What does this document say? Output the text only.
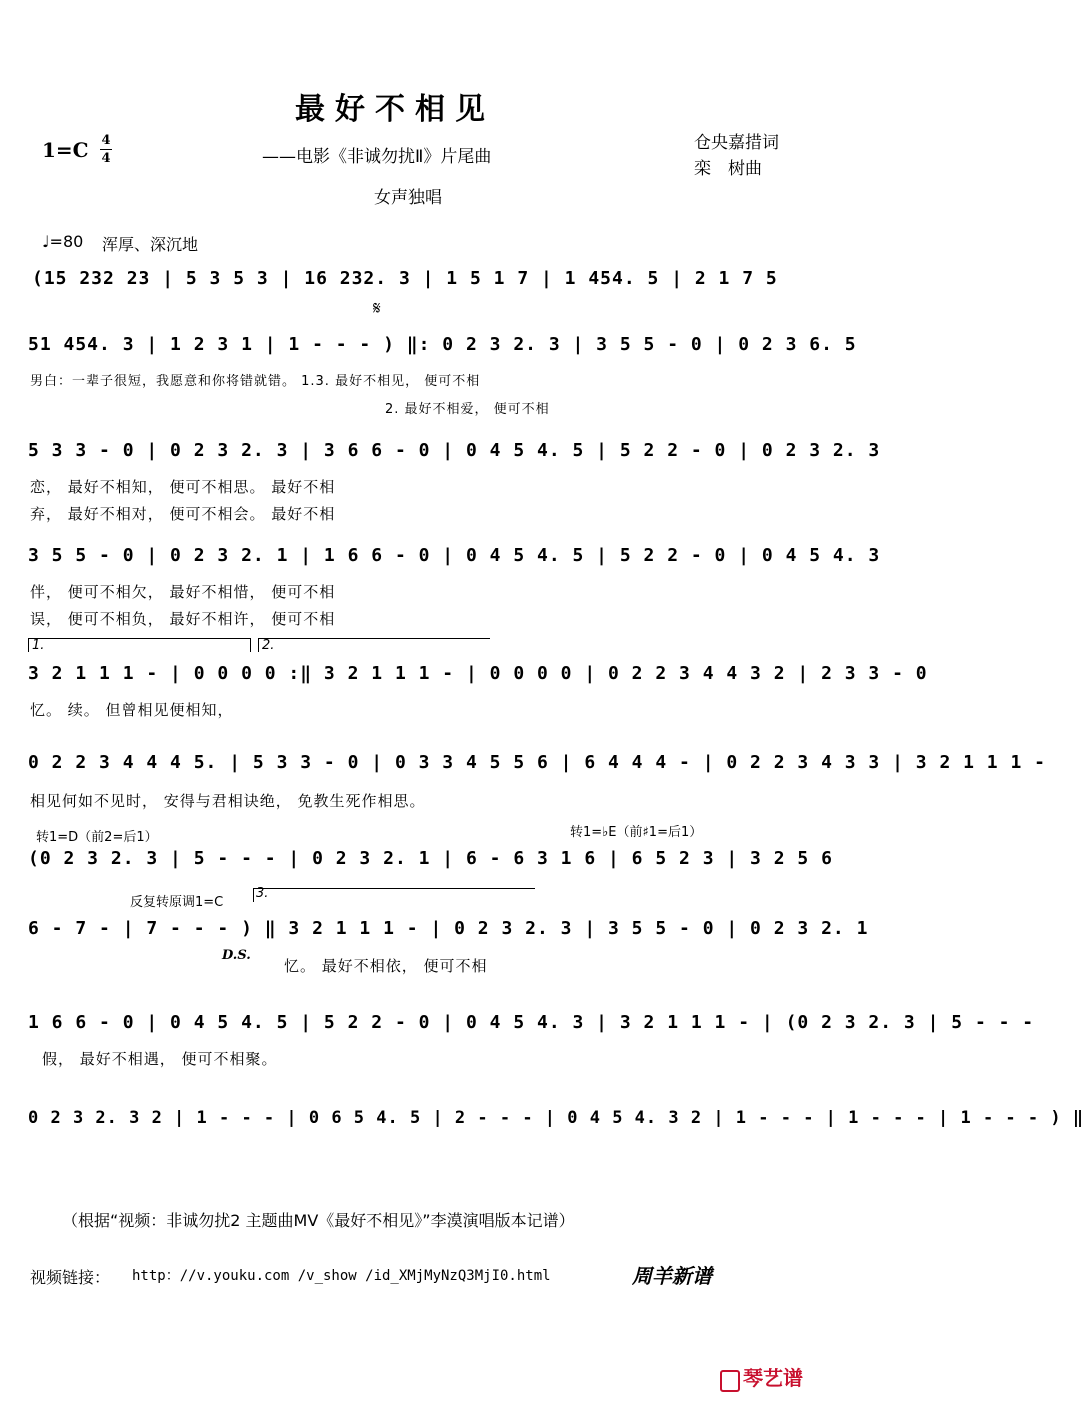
最好不相见
1=C 4
4	——电影《非诚勿扰Ⅱ》片尾曲
仓央嘉措词
栾　树曲
女声独唱
♩=80 浑厚、深沉地
(15 232 23 | 5 3 5 3 | 16 232. 3 | 1 5 1 7 | 1 454. 5 | 2 1 7 5
𝄋
51 454. 3 | 1 2 3 1 | 1 - - - ) ‖: 0 2 3 2. 3 | 3 5 5 - 0 | 0 2 3 6. 5
男白：一辈子很短，我愿意和你将错就错。 1.3. 最好不相见， 便可不相
2. 最好不相爱， 便可不相
5 3 3 - 0 | 0 2 3 2. 3 | 3 6 6 - 0 | 0 4 5 4. 5 | 5 2 2 - 0 | 0 2 3 2. 3
恋， 最好不相知， 便可不相思。 最好不相
弃， 最好不相对， 便可不相会。 最好不相
3 5 5 - 0 | 0 2 3 2. 1 | 1 6 6 - 0 | 0 4 5 4. 5 | 5 2 2 - 0 | 0 4 5 4. 3
伴， 便可不相欠， 最好不相惜， 便可不相
误， 便可不相负， 最好不相许， 便可不相
1.	2.
3 2 1 1 1 - | 0 0 0 0 :‖ 3 2 1 1 1 - | 0 0 0 0 | 0 2 2 3 4 4 3 2 | 2 3 3 - 0
忆。 续。 但曾相见便相知，
0 2 2 3 4 4 4 5. | 5 3 3 - 0 | 0 3 3 4 5 5 6 | 6 4 4 4 - | 0 2 2 3 4 3 3 | 3 2 1 1 1 -
相见何如不见时， 安得与君相诀绝， 免教生死作相思。
转1=D（前2=后1）	转1=♭E（前♯1=后1）
(0 2 3 2. 3 | 5 - - - | 0 2 3 2. 1 | 6 - 6 3 1 6 | 6 5 2 3 | 3 2 5 6
反复转原调1=C
3.
6 - 7 - | 7 - - - ) ‖ 3 2 1 1 1 - | 0 2 3 2. 3 | 3 5 5 - 0 | 0 2 3 2. 1
D.S.
忆。 最好不相依， 便可不相
1 6 6 - 0 | 0 4 5 4. 5 | 5 2 2 - 0 | 0 4 5 4. 3 | 3 2 1 1 1 - | (0 2 3 2. 3 | 5 - - -
假， 最好不相遇， 便可不相聚。
0 2 3 2. 3 2 | 1 - - - | 0 6 5 4. 5 | 2 - - - | 0 4 5 4. 3 2 | 1 - - - | 1 - - - | 1 - - - ) ‖
（根据“视频：非诚勿扰2 主题曲MV《最好不相见》”李漠演唱版本记谱）
视频链接： http：//v.youku.com /v_show /id_XMjMyNzQ3MjI0.html	周羊新谱
琴艺谱
